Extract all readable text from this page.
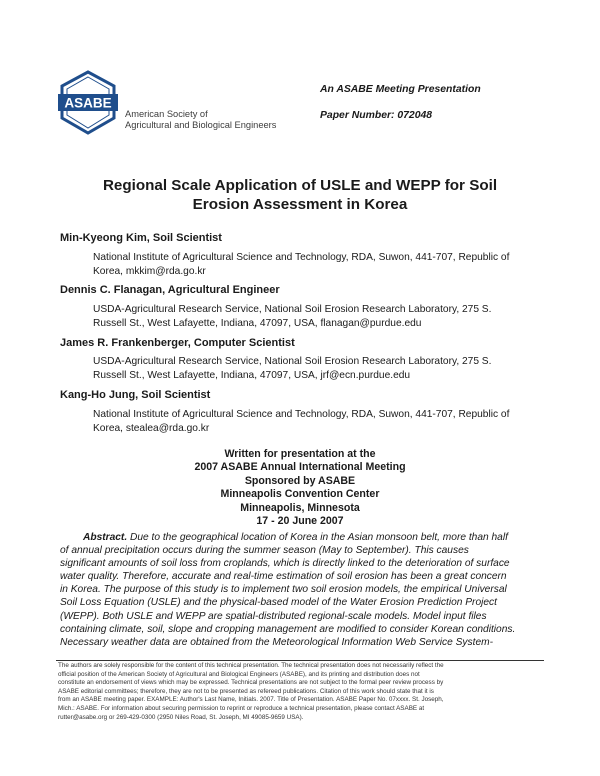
ASABE
American Society of
Agricultural and Biological Engineers
An ASABE Meeting Presentation
Paper Number: 072048
Regional Scale Application of USLE and WEPP for Soil
Erosion Assessment in Korea
Min-Kyeong Kim, Soil Scientist
National Institute of Agricultural Science and Technology, RDA, Suwon, 441-707, Republic of
Korea, mkkim@rda.go.kr
Dennis C. Flanagan, Agricultural Engineer
USDA-Agricultural Research Service, National Soil Erosion Research Laboratory, 275 S.
Russell St., West Lafayette, Indiana, 47097, USA, flanagan@purdue.edu
James R. Frankenberger, Computer Scientist
USDA-Agricultural Research Service, National Soil Erosion Research Laboratory, 275 S.
Russell St., West Lafayette, Indiana, 47097, USA, jrf@ecn.purdue.edu
Kang-Ho Jung, Soil Scientist
National Institute of Agricultural Science and Technology, RDA, Suwon, 441-707, Republic of
Korea, stealea@rda.go.kr
Written for presentation at the
2007 ASABE Annual International Meeting
Sponsored by ASABE
Minneapolis Convention Center
Minneapolis, Minnesota
17 - 20 June 2007
Abstract. Due to the geographical location of Korea in the Asian monsoon belt, more than half
of annual precipitation occurs during the summer season (May to September). This causes
significant amounts of soil loss from croplands, which is directly linked to the deterioration of surface
water quality. Therefore, accurate and real-time estimation of soil erosion has been a great concern
in Korea. The purpose of this study is to implement two soil erosion models, the empirical Universal
Soil Loss Equation (USLE) and the physical-based model of the Water Erosion Prediction Project
(WEPP). Both USLE and WEPP are spatial-distributed regional-scale models. Model input files
containing climate, soil, slope and cropping management are modified to consider Korean conditions.
Necessary weather data are obtained from the Meteorological Information Web Service System-
The authors are solely responsible for the content of this technical presentation. The technical presentation does not necessarily reflect the
official position of the American Society of Agricultural and Biological Engineers (ASABE), and its printing and distribution does not
constitute an endorsement of views which may be expressed. Technical presentations are not subject to the formal peer review process by
ASABE editorial committees; therefore, they are not to be presented as refereed publications. Citation of this work should state that it is
from an ASABE meeting paper. EXAMPLE: Author's Last Name, Initials. 2007. Title of Presentation. ASABE Paper No. 07xxxx. St. Joseph,
Mich.: ASABE. For information about securing permission to reprint or reproduce a technical presentation, please contact ASABE at
rutter@asabe.org or 269-429-0300 (2950 Niles Road, St. Joseph, MI 49085-9659 USA).
